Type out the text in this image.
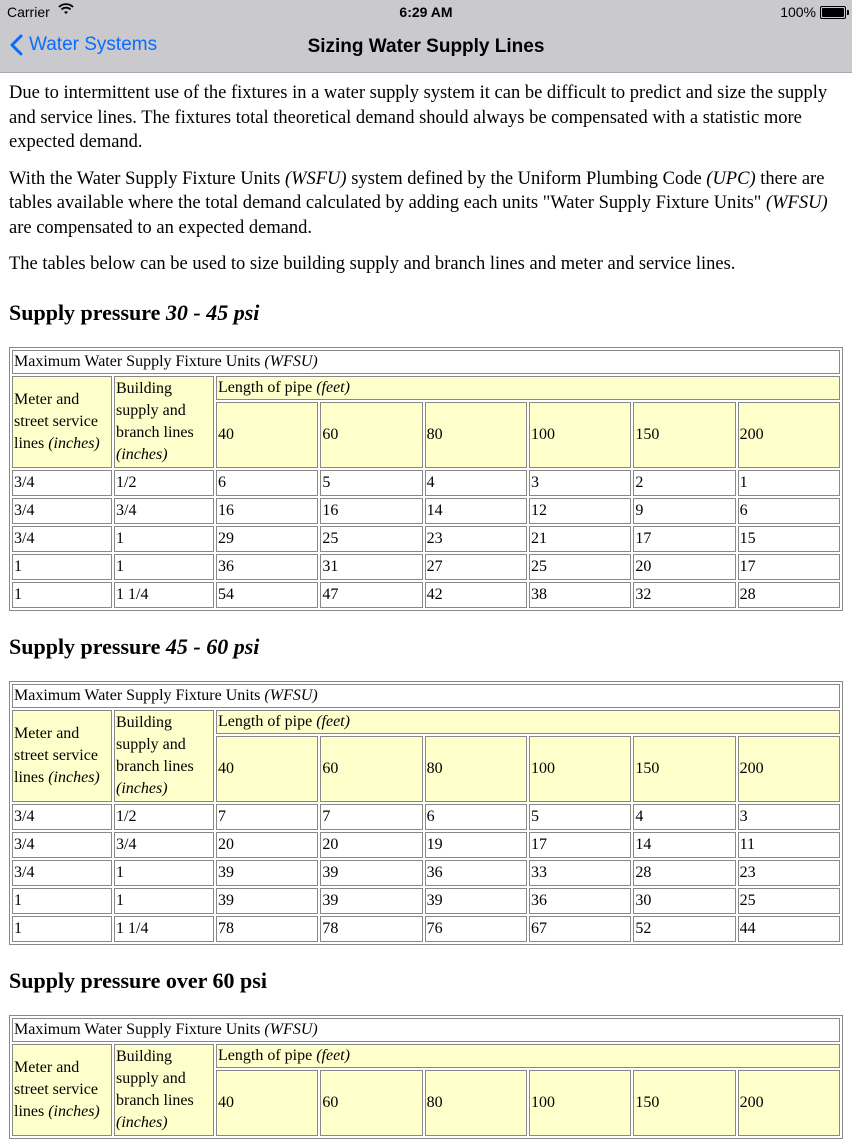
Carrier	6:29 AM	100%
Water Systems	Sizing Water Supply Lines

Due to intermittent use of the fixtures in a water supply system it can be difficult to predict and size the supply and service lines. The fixtures total theoretical demand should always be compensated with a statistic more expected demand.

With the Water Supply Fixture Units (WSFU) system defined by the Uniform Plumbing Code (UPC) there are tables available where the total demand calculated by adding each units "Water Supply Fixture Units" (WFSU) are compensated to an expected demand.

The tables below can be used to size building supply and branch lines and meter and service lines.

Supply pressure 30 - 45 psi
Maximum Water Supply Fixture Units (WFSU)							
Meter and street service lines (inches)	Building supply and branch lines (inches)	Length of pipe (feet)					
		40	60	80	100	150	200
3/4	1/2	6	5	4	3	2	1
3/4	3/4	16	16	14	12	9	6
3/4	1	29	25	23	21	17	15
1	1	36	31	27	25	20	17
1	1 1/4	54	47	42	38	32	28
Supply pressure 45 - 60 psi
Maximum Water Supply Fixture Units (WFSU)							
Meter and street service lines (inches)	Building supply and branch lines (inches)	Length of pipe (feet)					
		40	60	80	100	150	200
3/4	1/2	7	7	6	5	4	3
3/4	3/4	20	20	19	17	14	11
3/4	1	39	39	36	33	28	23
1	1	39	39	39	36	30	25
1	1 1/4	78	78	76	67	52	44
Supply pressure over 60 psi
Maximum Water Supply Fixture Units (WFSU)							
Meter and street service lines (inches)	Building supply and branch lines (inches)	Length of pipe (feet)					
		40	60	80	100	150	200
